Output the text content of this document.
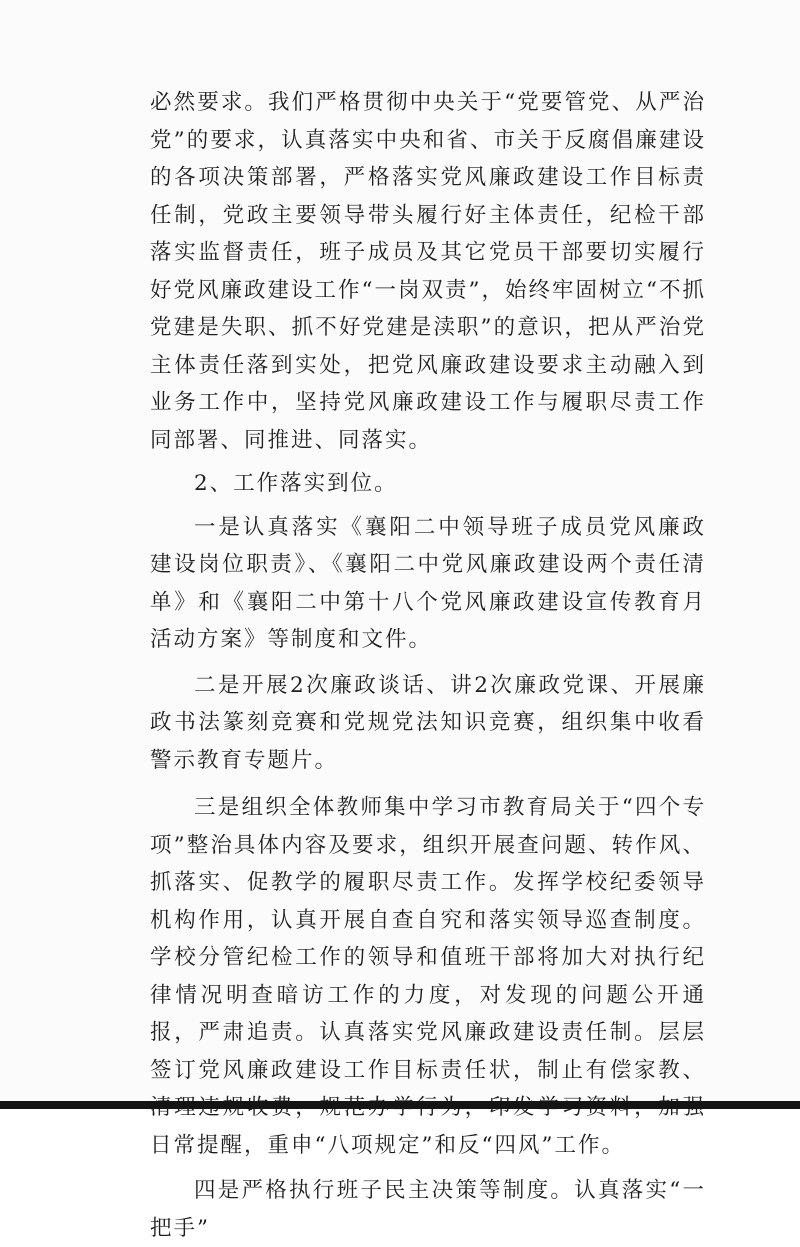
必然要求。我们严格贯彻中央关于“党要管党、从严治党”的要求，认真落实中央和省、市关于反腐倡廉建设的各项决策部署，严格落实党风廉政建设工作目标责任制，党政主要领导带头履行好主体责任，纪检干部落实监督责任，班子成员及其它党员干部要切实履行好党风廉政建设工作“一岗双责”，始终牢固树立“不抓党建是失职、抓不好党建是渎职”的意识，把从严治党主体责任落到实处，把党风廉政建设要求主动融入到业务工作中，坚持党风廉政建设工作与履职尽责工作同部署、同推进、同落实。

2、工作落实到位。

一是认真落实《襄阳二中领导班子成员党风廉政建设岗位职责》、《襄阳二中党风廉政建设两个责任清单》和《襄阳二中第十八个党风廉政建设宣传教育月活动方案》等制度和文件。

二是开展2次廉政谈话、讲2次廉政党课、开展廉政书法篆刻竞赛和党规党法知识竞赛，组织集中收看警示教育专题片。

三是组织全体教师集中学习市教育局关于“四个专项”整治具体内容及要求，组织开展查问题、转作风、抓落实、促教学的履职尽责工作。发挥学校纪委领导机构作用，认真开展自查自究和落实领导巡查制度。学校分管纪检工作的领导和值班干部将加大对执行纪律情况明查暗访工作的力度，对发现的问题公开通报，严肃追责。认真落实党风廉政建设责任制。层层签订党风廉政建设工作目标责任状，制止有偿家教、 日常提醒，重申“八项规定”和反“四风”工作。

四是严格执行班子民主决策等制度。认真落实“一把手”
